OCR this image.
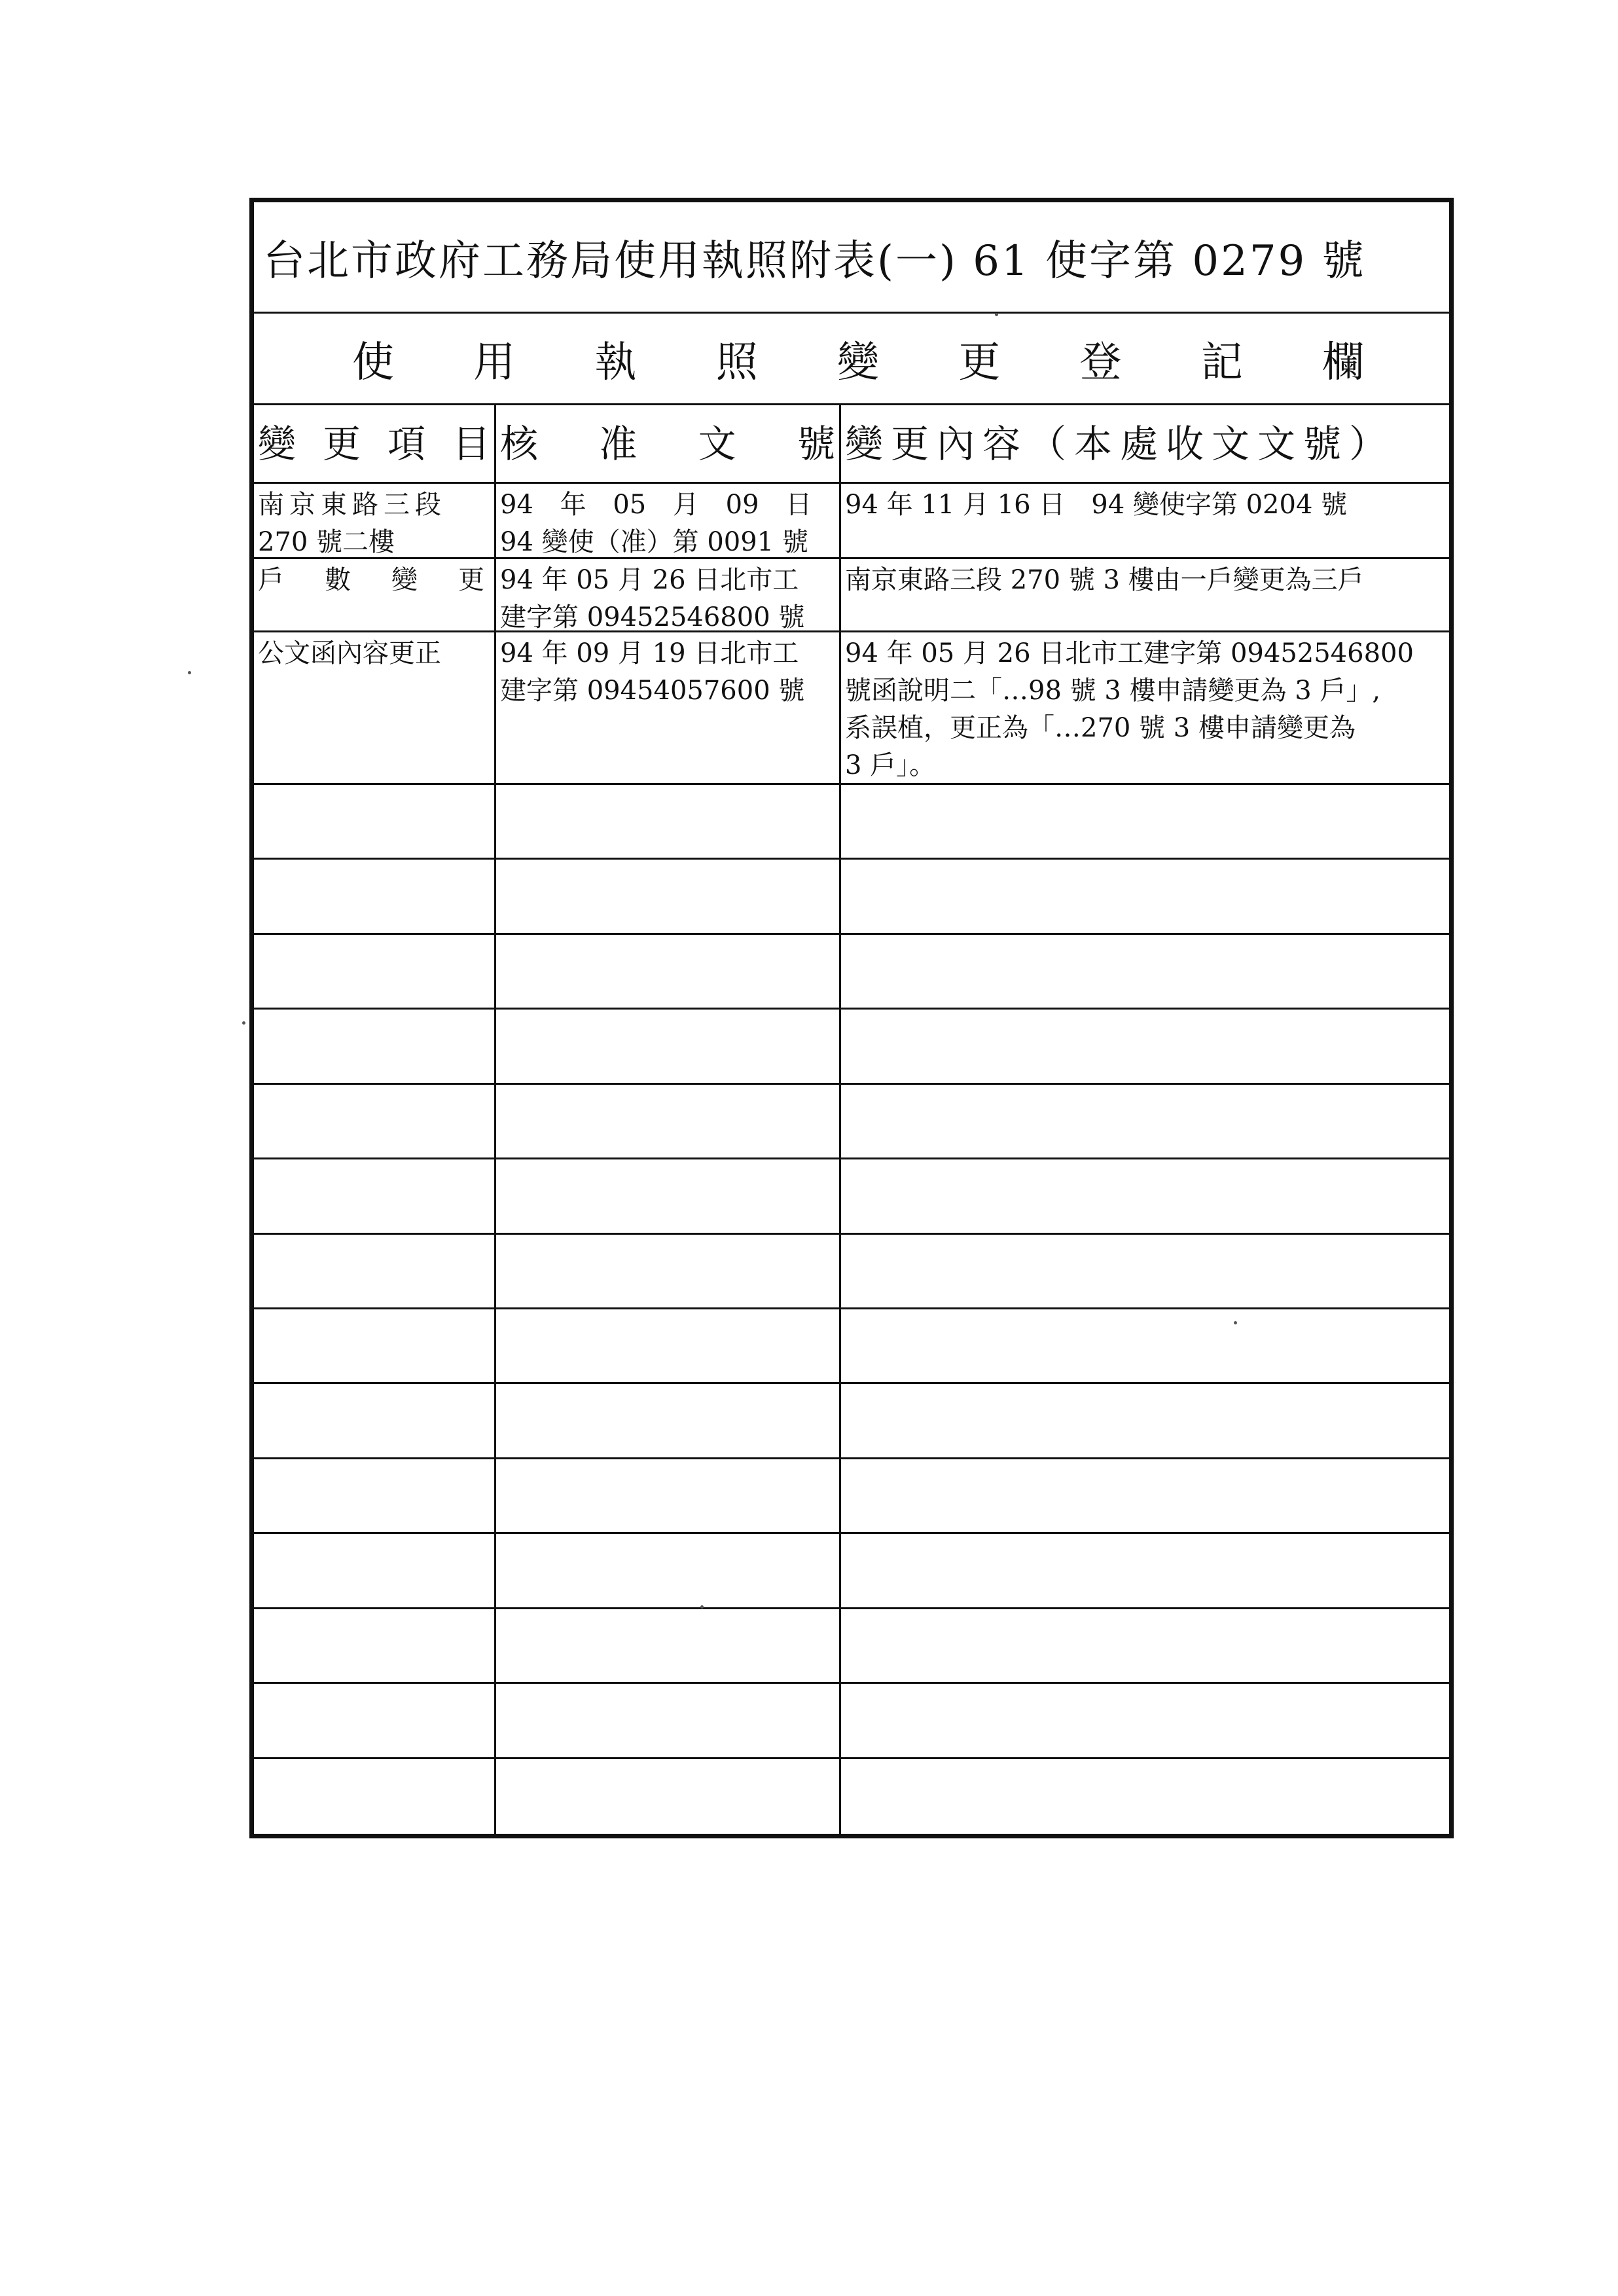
台北市政府工務局使用執照附表(一) 61 使字第 0279 號
使 用 執 照 變 更 登 記 欄
變 更 項 目 核 准 文 號 變更內容（本處收文文號）
南京東路三段
270 號二樓
94 年 05 月 09 日
94 變使（准）第 0091 號
94 年 11 月 16 日　94 變使字第 0204 號
戶數變更
94 年 05 月 26 日北市工
建字第 09452546800 號
南京東路三段 270 號 3 樓由一戶變更為三戶
公文函內容更正	94 年 09 月 19 日北市工
建字第 09454057600 號
94 年 05 月 26 日北市工建字第 09452546800
號函說明二「…98 號 3 樓申請變更為 3 戶」,
系誤植，更正為「…270 號 3 樓申請變更為
3 戶」。
